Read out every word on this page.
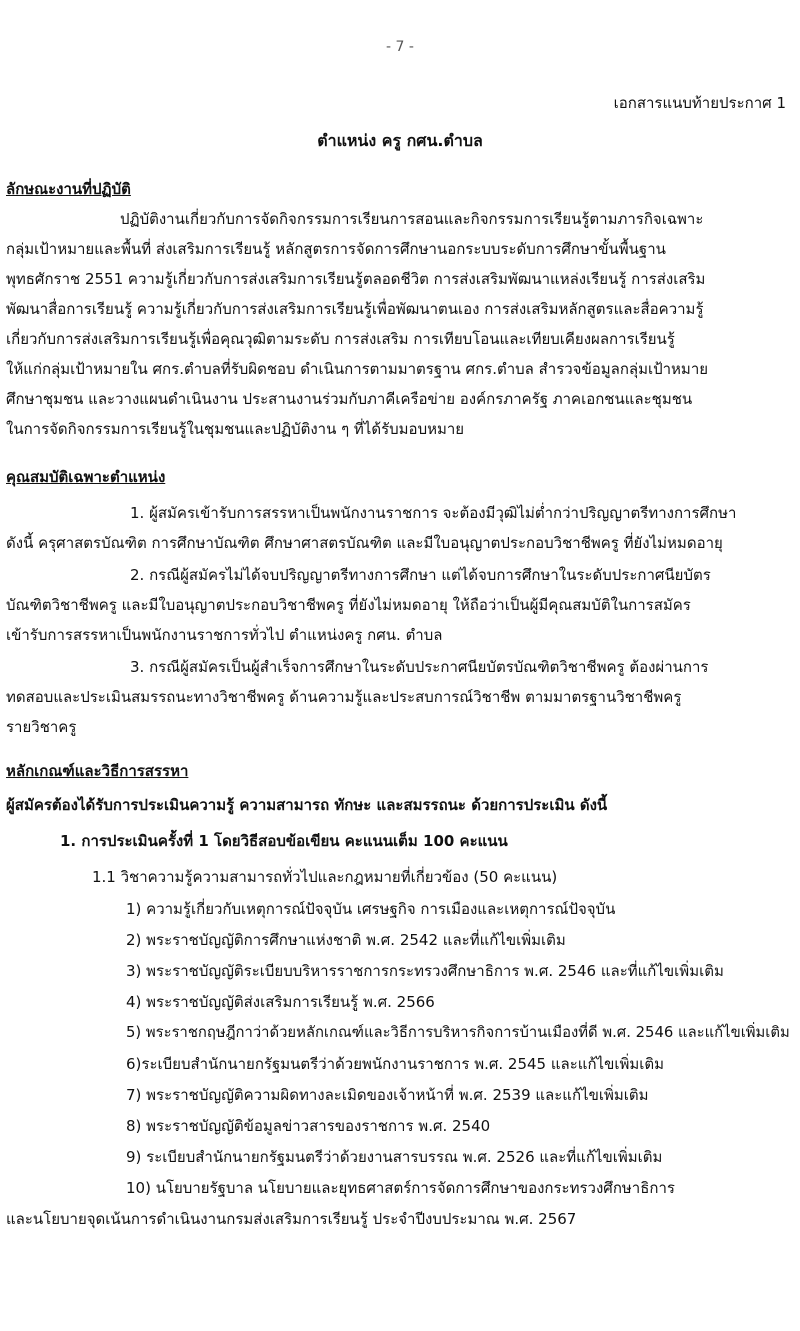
- 7 -
เอกสารแนบท้ายประกาศ 1
ตำแหน่ง ครู กศน.ตำบล
ลักษณะงานที่ปฏิบัติ
ปฏิบัติงานเกี่ยวกับการจัดกิจกรรมการเรียนการสอนและกิจกรรมการเรียนรู้ตามภารกิจเฉพาะ
กลุ่มเป้าหมายและพื้นที่ ส่งเสริมการเรียนรู้ หลักสูตรการจัดการศึกษานอกระบบระดับการศึกษาขั้นพื้นฐาน
พุทธศักราช 2551 ความรู้เกี่ยวกับการส่งเสริมการเรียนรู้ตลอดชีวิต การส่งเสริมพัฒนาแหล่งเรียนรู้ การส่งเสริม
พัฒนาสื่อการเรียนรู้ ความรู้เกี่ยวกับการส่งเสริมการเรียนรู้เพื่อพัฒนาตนเอง การส่งเสริมหลักสูตรและสื่อความรู้
เกี่ยวกับการส่งเสริมการเรียนรู้เพื่อคุณวุฒิตามระดับ การส่งเสริม การเทียบโอนและเทียบเคียงผลการเรียนรู้
ให้แก่กลุ่มเป้าหมายใน ศกร.ตำบลที่รับผิดชอบ ดำเนินการตามมาตรฐาน ศกร.ตำบล สำรวจข้อมูลกลุ่มเป้าหมาย
ศึกษาชุมชน และวางแผนดำเนินงาน ประสานงานร่วมกับภาคีเครือข่าย องค์กรภาครัฐ ภาคเอกชนและชุมชน
ในการจัดกิจกรรมการเรียนรู้ในชุมชนและปฏิบัติงาน ๆ ที่ได้รับมอบหมาย
คุณสมบัติเฉพาะตำแหน่ง
1. ผู้สมัครเข้ารับการสรรหาเป็นพนักงานราชการ จะต้องมีวุฒิไม่ต่ำกว่าปริญญาตรีทางการศึกษา
ดังนี้ ครุศาสตรบัณฑิต การศึกษาบัณฑิต ศึกษาศาสตรบัณฑิต และมีใบอนุญาตประกอบวิชาชีพครู ที่ยังไม่หมดอายุ
2. กรณีผู้สมัครไม่ได้จบปริญญาตรีทางการศึกษา แต่ได้จบการศึกษาในระดับประกาศนียบัตร
บัณฑิตวิชาชีพครู และมีใบอนุญาตประกอบวิชาชีพครู ที่ยังไม่หมดอายุ ให้ถือว่าเป็นผู้มีคุณสมบัติในการสมัคร
เข้ารับการสรรหาเป็นพนักงานราชการทั่วไป ตำแหน่งครู กศน. ตำบล
3. กรณีผู้สมัครเป็นผู้สำเร็จการศึกษาในระดับประกาศนียบัตรบัณฑิตวิชาชีพครู ต้องผ่านการ
ทดสอบและประเมินสมรรถนะทางวิชาชีพครู ด้านความรู้และประสบการณ์วิชาชีพ ตามมาตรฐานวิชาชีพครู
รายวิชาครู
หลักเกณฑ์และวิธีการสรรหา
ผู้สมัครต้องได้รับการประเมินความรู้ ความสามารถ ทักษะ และสมรรถนะ ด้วยการประเมิน ดังนี้
1. การประเมินครั้งที่ 1 โดยวิธีสอบข้อเขียน คะแนนเต็ม 100 คะแนน
1.1 วิชาความรู้ความสามารถทั่วไปและกฎหมายที่เกี่ยวข้อง (50 คะแนน)
1) ความรู้เกี่ยวกับเหตุการณ์ปัจจุบัน เศรษฐกิจ การเมืองและเหตุการณ์ปัจจุบัน
2) พระราชบัญญัติการศึกษาแห่งชาติ พ.ศ. 2542 และที่แก้ไขเพิ่มเติม
3) พระราชบัญญัติระเบียบบริหารราชการกระทรวงศึกษาธิการ พ.ศ. 2546 และที่แก้ไขเพิ่มเติม
4) พระราชบัญญัติส่งเสริมการเรียนรู้ พ.ศ. 2566
5) พระราชกฤษฎีกาว่าด้วยหลักเกณฑ์และวิธีการบริหารกิจการบ้านเมืองที่ดี พ.ศ. 2546 และแก้ไขเพิ่มเติม
6)ระเบียบสำนักนายกรัฐมนตรีว่าด้วยพนักงานราชการ พ.ศ. 2545 และแก้ไขเพิ่มเติม
7) พระราชบัญญัติความผิดทางละเมิดของเจ้าหน้าที่ พ.ศ. 2539 และแก้ไขเพิ่มเติม
8) พระราชบัญญัติข้อมูลข่าวสารของราชการ พ.ศ. 2540
9) ระเบียบสำนักนายกรัฐมนตรีว่าด้วยงานสารบรรณ พ.ศ. 2526 และที่แก้ไขเพิ่มเติม
10) นโยบายรัฐบาล นโยบายและยุทธศาสตร์การจัดการศึกษาของกระทรวงศึกษาธิการ
และนโยบายจุดเน้นการดำเนินงานกรมส่งเสริมการเรียนรู้ ประจำปีงบประมาณ พ.ศ. 2567
